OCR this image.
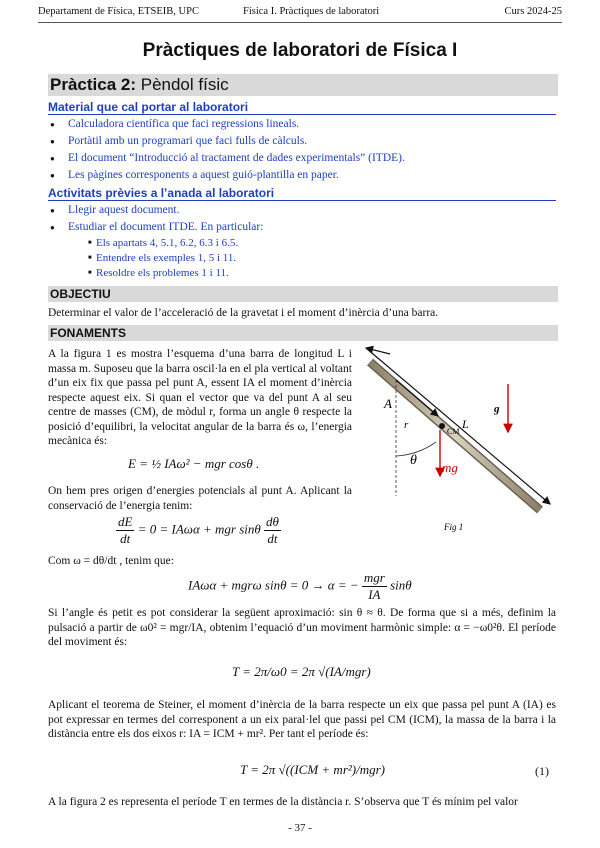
Departament de Física, ETSEIB, UPC	Física I. Pràctiques de laboratori	Curs 2024-25
Pràctiques de laboratori de Física I
Pràctica 2: Pèndol físic
Material que cal portar al laboratori
● Calculadora científica que faci regressions lineals.
● Portàtil amb un programari que faci fulls de càlculs.
● El document “Introducció al tractament de dades experimentals” (ITDE).
● Les pàgines corresponents a aquest guió-plantilla en paper.
Activitats prèvies a l’anada al laboratori
● Llegir aquest document.
● Estudiar el document ITDE. En particular:
■ Els apartats 4, 5.1, 6.2, 6.3 i 6.5.
■ Entendre els exemples 1, 5 i 11.
■ Resoldre els problemes 1 i 11.
OBJECTIU
Determinar el valor de l’acceleració de la gravetat i el moment d’inèrcia d’una barra.
FONAMENTS
A la figura 1 es mostra l’esquema d’una barra de longitud L i massa m. Suposeu que la barra oscil·la en el pla vertical al voltant d’un eix fix que passa pel punt A, essent IA el moment d’inèrcia respecte aquest eix. Si quan el vector que va del punt A al seu centre de masses (CM), de mòdul r, forma un angle θ respecte la posició d’equilibri, la velocitat angular de la barra és ω, l’energia mecànica és:
E = ½ IAω² − mgr cosθ .
On hem pres origen d’energies potencials al punt A. Aplicant la conservació de l’energia tenim:
$\frac{dE}{dt} = 0 = IA\omega\alpha$ + mgr sinθ $\frac{d\theta}{dt}$
Com ω = dθ/dt , tenim que:
IAωα + mgrω sinθ = 0 → α = − $\frac{\text{mgr}}{IA}$ sinθ
Si l’angle és petit es pot considerar la següent aproximació: sin θ ≈ θ. De forma que si a més, definim la pulsació a partir de ω0² = mgr/IA, obtenim l’equació d’un moviment harmònic simple: α = −ω0²θ. El període del moviment és:
T = 2π/ω0 = 2π √(IA/mgr)
Aplicant el teorema de Steiner, el moment d’inèrcia de la barra respecte un eix que passa pel punt A (IA) es pot expressar en termes del corresponent a un eix paral·lel que passi pel CM (ICM), la massa de la barra i la distància entre els dos eixos r: IA = ICM + mr². Per tant el període és:
T = 2π √((ICM + mr²)/mgr)	(1)
A la figura 2 es representa el període T en termes de la distància r. S’observa que T és mínim pel valor
A
L
r
CM
θ mg
g
Fig 1
- 37 -
